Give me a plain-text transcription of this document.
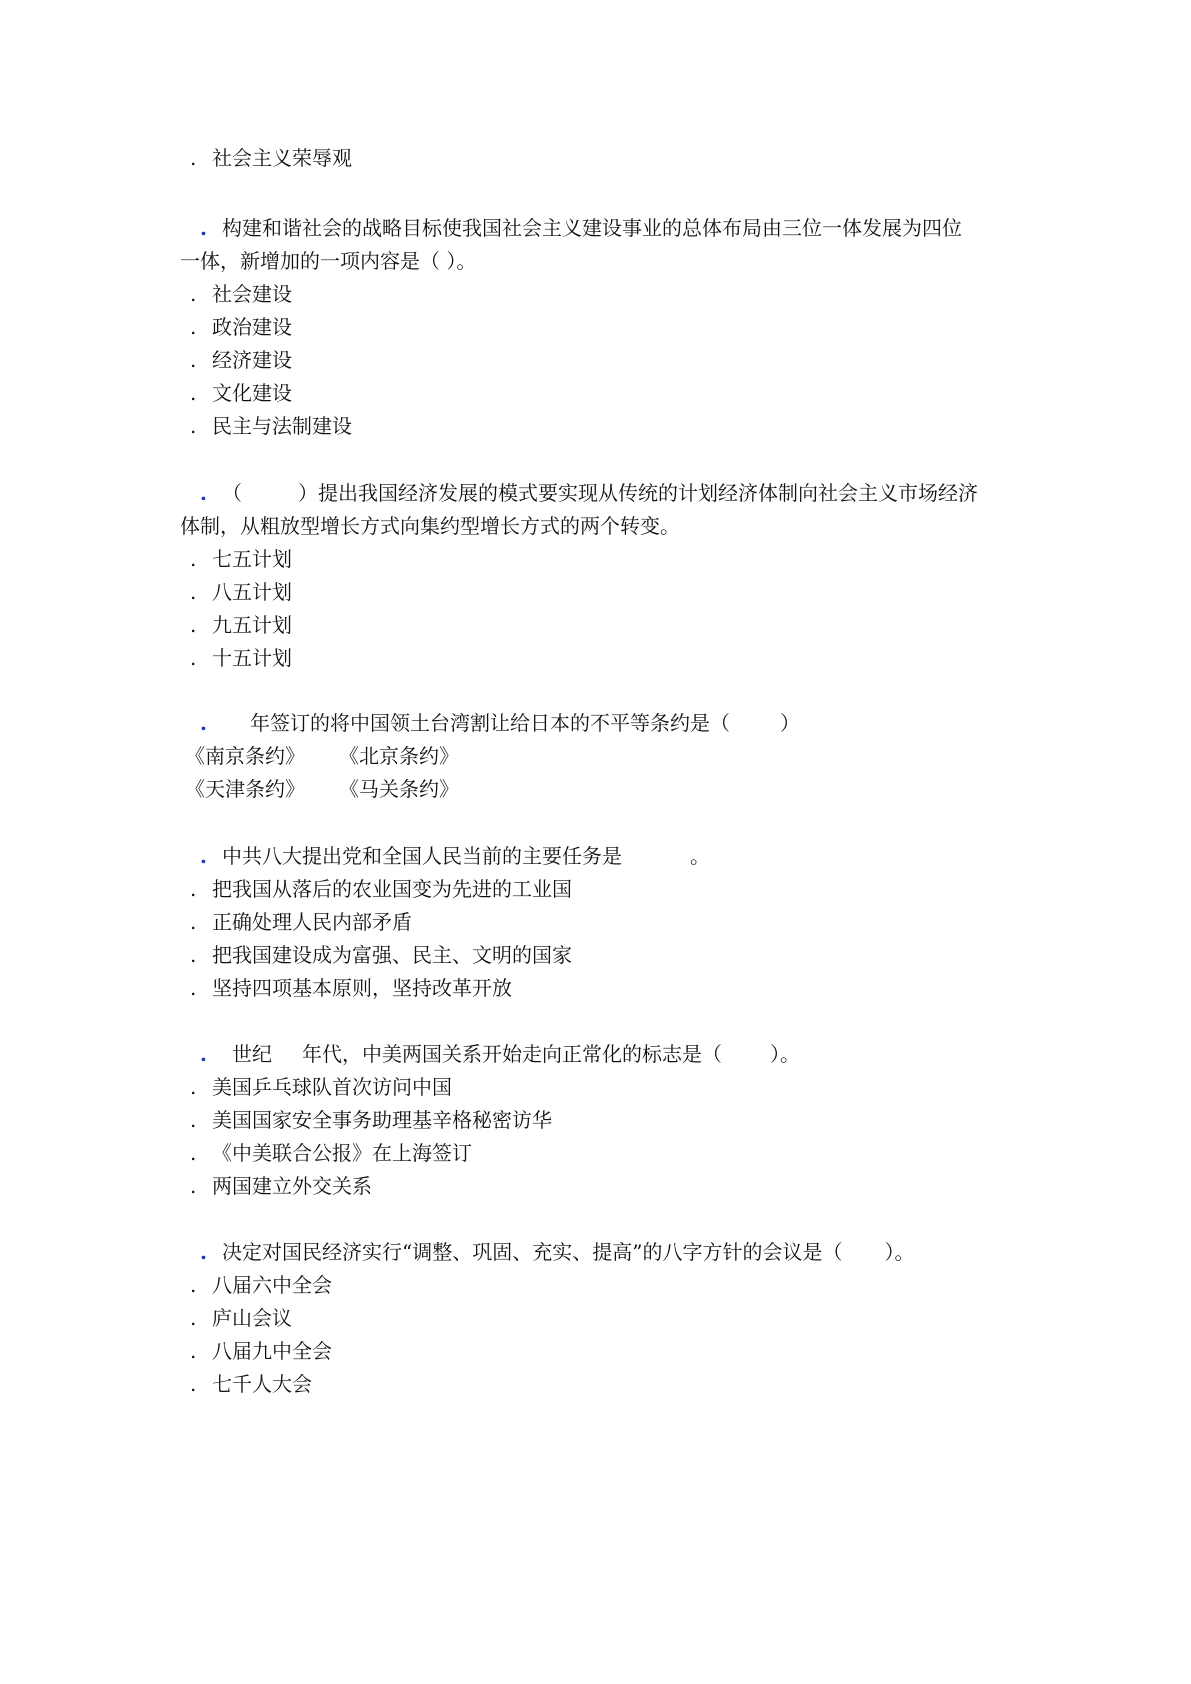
. 社会主义荣辱观
. 构建和谐社会的战略目标使我国社会主义建设事业的总体布局由三位一体发展为四位
一体，新增加的一项内容是（ ）。
. 社会建设
. 政治建设
. 经济建设
. 文化建设
. 民主与法制建设
. （	）提出我国经济发展的模式要实现从传统的计划经济体制向社会主义市场经济
体制，从粗放型增长方式向集约型增长方式的两个转变。
. 七五计划
. 八五计划
. 九五计划
. 十五计划
. 年签订的将中国领土台湾割让给日本的不平等条约是（	）
《南京条约》 《北京条约》
《天津条约》 《马关条约》
. 中共八大提出党和全国人民当前的主要任务是	。
. 把我国从落后的农业国变为先进的工业国
. 正确处理人民内部矛盾
. 把我国建设成为富强、民主、文明的国家
. 坚持四项基本原则，坚持改革开放
. 世纪 年代，中美两国关系开始走向正常化的标志是（ ）。
. 美国乒乓球队首次访问中国
. 美国国家安全事务助理基辛格秘密访华
. 《中美联合公报》在上海签订
. 两国建立外交关系
. 决定对国民经济实行“调整、巩固、充实、提高”的八字方针的会议是（ ）。
. 八届六中全会
. 庐山会议
. 八届九中全会
. 七千人大会
